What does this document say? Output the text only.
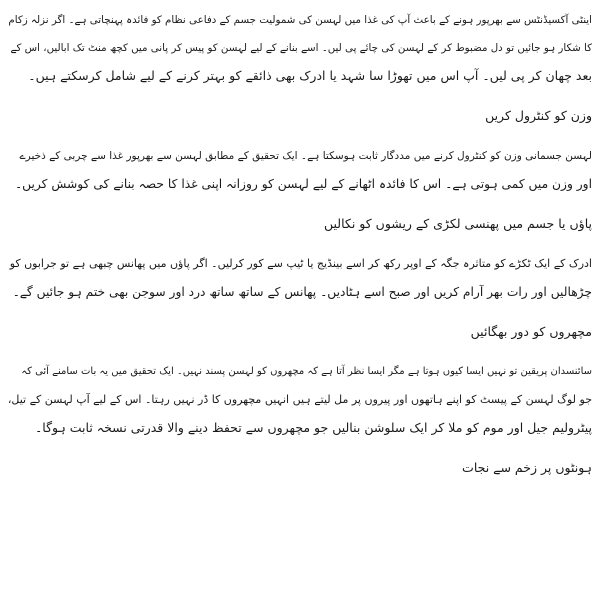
اینٹی آکسیڈنٹس سے بھرپور ہونے کے باعث آپ کی غذا میں لہسن کی شمولیت جسم کے دفاعی نظام کو فائدہ پہنچاتی ہے۔ اگر نزلہ زکام
کا شکار ہو جائیں تو دل مضبوط کر کے لہسن کی چائے پی لیں۔ اسے بنانے کے لیے لہسن کو پیس کر پانی میں کچھ منٹ تک ابالیں، اس کے
بعد چھان کر پی لیں۔ آپ اس میں تھوڑا سا شہد یا ادرک بھی ذائقے کو بہتر کرنے کے لیے شامل کرسکتے ہیں۔

وزن کو کنٹرول کریں

لہسن جسمانی وزن کو کنٹرول کرنے میں مددگار ثابت ہوسکتا ہے۔ ایک تحقیق کے مطابق لہسن سے بھرپور غذا سے چربی کے ذخیرے
اور وزن میں کمی ہوتی ہے۔ اس کا فائدہ اٹھانے کے لیے لہسن کو روزانہ اپنی غذا کا حصہ بنانے کی کوشش کریں۔

پاؤں یا جسم میں پھنسی لکڑی کے ریشوں کو نکالیں

ادرک کے ایک ٹکڑے کو متاثرہ جگہ کے اوپر رکھ کر اسے بینڈیج یا ٹیپ سے کور کرلیں۔ اگر پاؤں میں پھانس چبھی ہے تو جرابوں کو
چڑھالیں اور رات بھر آرام کریں اور صبح اسے ہٹادیں۔ پھانس کے ساتھ ساتھ درد اور سوجن بھی ختم ہو جائیں گے۔

مچھروں کو دور بھگائیں

سائنسدان پریقین تو نہیں ایسا کیوں ہوتا ہے مگر ایسا نظر آتا ہے کہ مچھروں کو لہسن پسند نہیں۔ ایک تحقیق میں یہ بات سامنے آئی کہ
جو لوگ لہسن کے پیسٹ کو اپنے ہاتھوں اور پیروں پر مل لیتے ہیں انہیں مچھروں کا ڈر نہیں رہتا۔ اس کے لیے آپ لہسن کے تیل،
پیٹرولیم جیل اور موم کو ملا کر ایک سلوشن بنالیں جو مچھروں سے تحفظ دینے والا قدرتی نسخہ ثابت ہوگا۔

ہونٹوں پر زخم سے نجات
